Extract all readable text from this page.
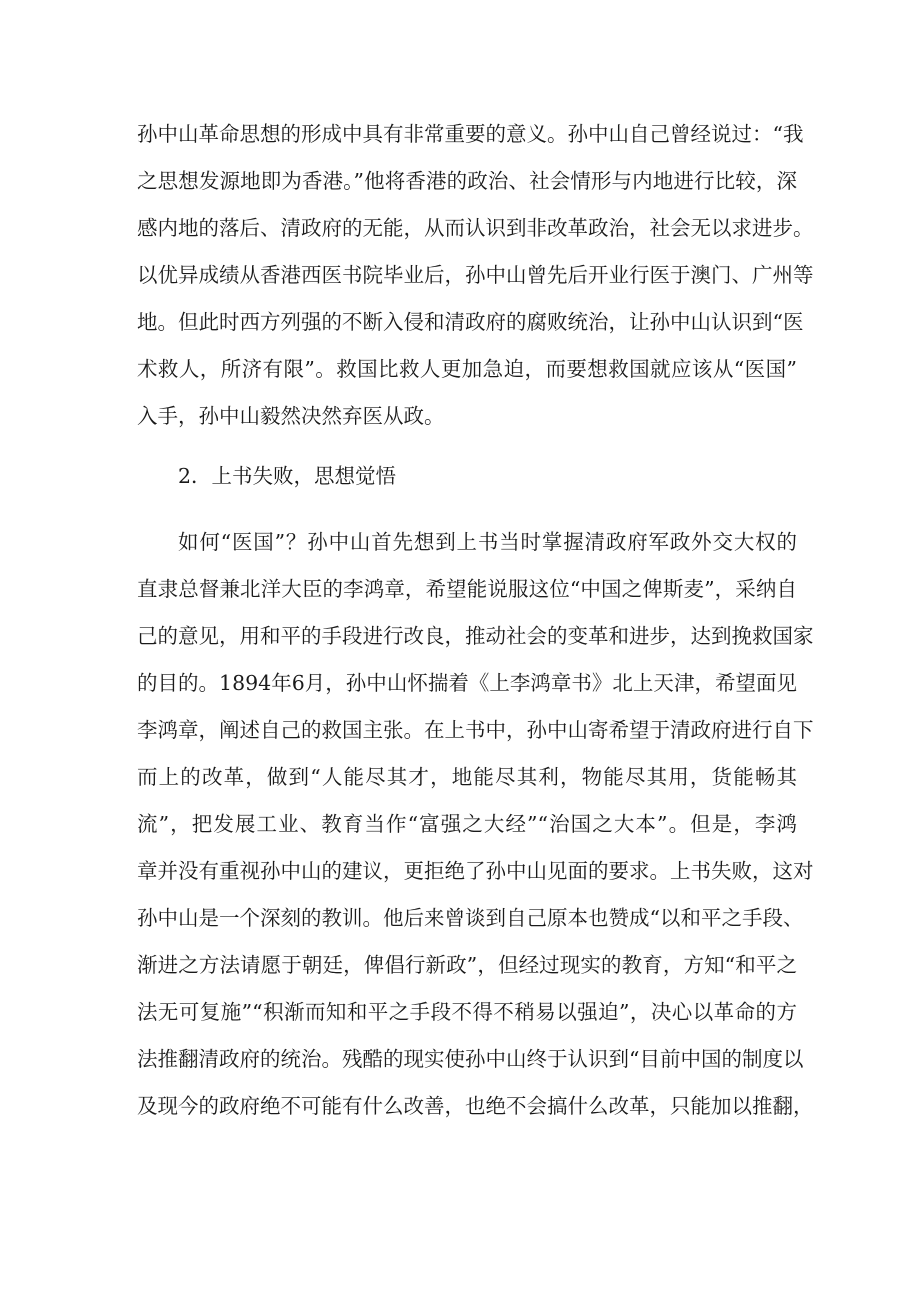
孙中山革命思想的形成中具有非常重要的意义。孙中山自己曾经说过：“我
之思想发源地即为香港。”他将香港的政治、社会情形与内地进行比较，深
感内地的落后、清政府的无能，从而认识到非改革政治，社会无以求进步。
以优异成绩从香港西医书院毕业后，孙中山曾先后开业行医于澳门、广州等
地。但此时西方列强的不断入侵和清政府的腐败统治，让孙中山认识到“医
术救人，所济有限”。救国比救人更加急迫，而要想救国就应该从“医国”
入手，孙中山毅然决然弃医从政。
2．上书失败，思想觉悟
如何“医国”？孙中山首先想到上书当时掌握清政府军政外交大权的
直隶总督兼北洋大臣的李鸿章，希望能说服这位“中国之俾斯麦”，采纳自
己的意见，用和平的手段进行改良，推动社会的变革和进步，达到挽救国家
的目的。1894年6月，孙中山怀揣着《上李鸿章书》北上天津，希望面见
李鸿章，阐述自己的救国主张。在上书中，孙中山寄希望于清政府进行自下
而上的改革，做到“人能尽其才，地能尽其利，物能尽其用，货能畅其
流”，把发展工业、教育当作“富强之大经”“治国之大本”。但是，李鸿
章并没有重视孙中山的建议，更拒绝了孙中山见面的要求。上书失败，这对
孙中山是一个深刻的教训。他后来曾谈到自己原本也赞成“以和平之手段、
渐进之方法请愿于朝廷，俾倡行新政”，但经过现实的教育，方知“和平之
法无可复施”“积渐而知和平之手段不得不稍易以强迫”，决心以革命的方
法推翻清政府的统治。残酷的现实使孙中山终于认识到“目前中国的制度以
及现今的政府绝不可能有什么改善，也绝不会搞什么改革，只能加以推翻，
